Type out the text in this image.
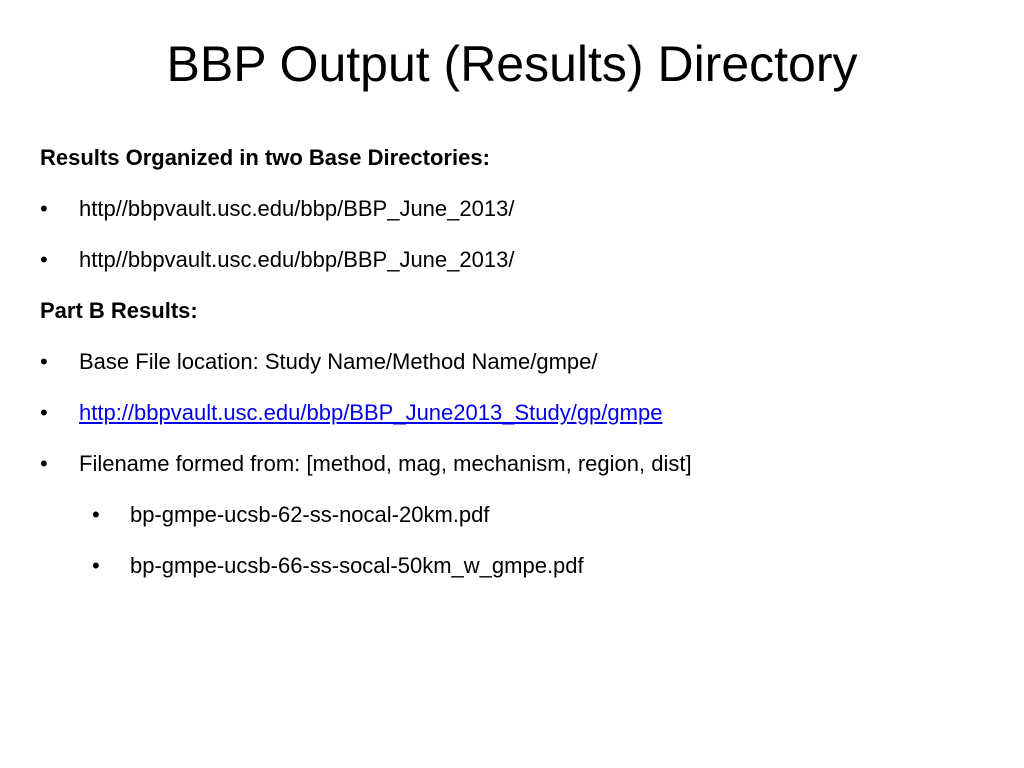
BBP Output (Results) Directory
Results Organized in two Base Directories:
• http//bbpvault.usc.edu/bbp/BBP_June_2013/
• http//bbpvault.usc.edu/bbp/BBP_June_2013/
Part B Results:
• Base File location: Study Name/Method Name/gmpe/
• http://bbpvault.usc.edu/bbp/BBP_June2013_Study/gp/gmpe
• Filename formed from: [method, mag, mechanism, region, dist]
• bp-gmpe-ucsb-62-ss-nocal-20km.pdf
• bp-gmpe-ucsb-66-ss-socal-50km_w_gmpe.pdf
